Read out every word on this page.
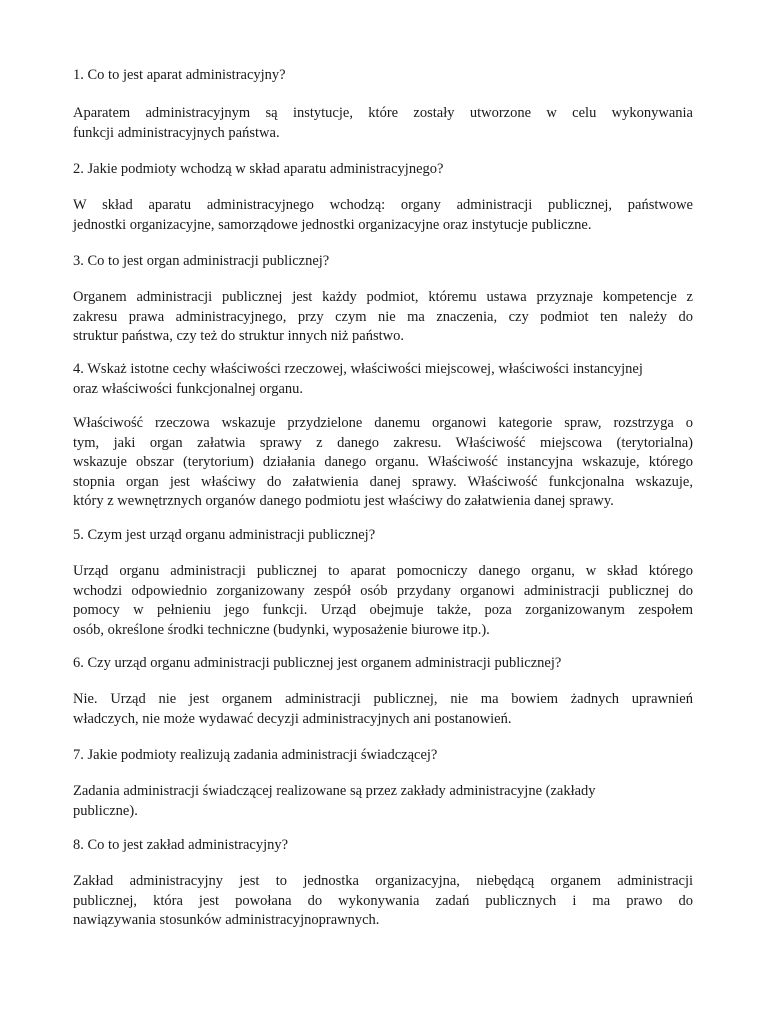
1. Co to jest aparat administracyjny?

Aparatem administracyjnym są instytucje, które zostały utworzone w celu wykonywania
funkcji administracyjnych państwa.

2. Jakie podmioty wchodzą w skład aparatu administracyjnego?

W skład aparatu administracyjnego wchodzą: organy administracji publicznej, państwowe
jednostki organizacyjne, samorządowe jednostki organizacyjne oraz instytucje publiczne.

3. Co to jest organ administracji publicznej?

Organem administracji publicznej jest każdy podmiot, któremu ustawa przyznaje kompetencje z
zakresu prawa administracyjnego, przy czym nie ma znaczenia, czy podmiot ten należy do
struktur państwa, czy też do struktur innych niż państwo.

4. Wskaż istotne cechy właściwości rzeczowej, właściwości miejscowej, właściwości instancyjnej

oraz właściwości funkcjonalnej organu.

Właściwość rzeczowa wskazuje przydzielone danemu organowi kategorie spraw, rozstrzyga o
tym, jaki organ załatwia sprawy z danego zakresu. Właściwość miejscowa (terytorialna)
wskazuje obszar (terytorium) działania danego organu. Właściwość instancyjna wskazuje, którego
stopnia organ jest właściwy do załatwienia danej sprawy. Właściwość funkcjonalna wskazuje,
który z wewnętrznych organów danego podmiotu jest właściwy do załatwienia danej sprawy.

5. Czym jest urząd organu administracji publicznej?

Urząd organu administracji publicznej to aparat pomocniczy danego organu, w skład którego
wchodzi odpowiednio zorganizowany zespół osób przydany organowi administracji publicznej do
pomocy w pełnieniu jego funkcji. Urząd obejmuje także, poza zorganizowanym zespołem
osób, określone środki techniczne (budynki, wyposażenie biurowe itp.).

6. Czy urząd organu administracji publicznej jest organem administracji publicznej?

Nie. Urząd nie jest organem administracji publicznej, nie ma bowiem żadnych uprawnień
władczych, nie może wydawać decyzji administracyjnych ani postanowień.

7. Jakie podmioty realizują zadania administracji świadczącej?

Zadania administracji świadczącej realizowane są przez zakłady administracyjne (zakłady
publiczne).

8. Co to jest zakład administracyjny?

Zakład administracyjny jest to jednostka organizacyjna, niebędącą organem administracji
publicznej, która jest powołana do wykonywania zadań publicznych i ma prawo do
nawiązywania stosunków administracyjnoprawnych.
